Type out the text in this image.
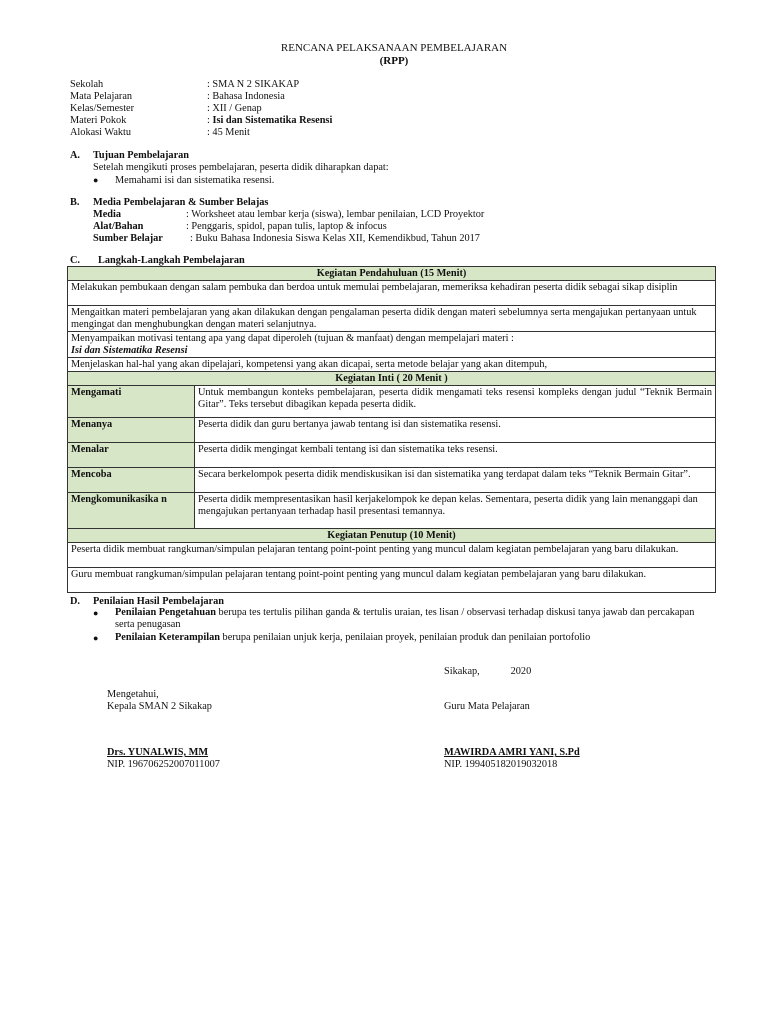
RENCANA PELAKSANAAN PEMBELAJARAN
(RPP)
Sekolah	: SMA N 2 SIKAKAP
Mata Pelajaran	: Bahasa Indonesia
Kelas/Semester	: XII / Genap
Materi Pokok	: Isi dan Sistematika Resensi
Alokasi Waktu	: 45 Menit
A. Tujuan Pembelajaran
Setelah mengikuti proses pembelajaran, peserta didik diharapkan dapat:
● Memahami isi dan sistematika resensi.
B. Media Pembelajaran & Sumber Belajas
Media	: Worksheet atau lembar kerja (siswa), lembar penilaian, LCD Proyektor
Alat/Bahan	: Penggaris, spidol, papan tulis, laptop & infocus
Sumber Belajar	: Buku Bahasa Indonesia Siswa Kelas XII, Kemendikbud, Tahun 2017
C. Langkah-Langkah Pembelajaran
Kegiatan Pendahuluan (15 Menit)	
Melakukan pembukaan dengan salam pembuka dan berdoa untuk memulai pembelajaran, memeriksa kehadiran peserta didik sebagai sikap disiplin	
Mengaitkan materi pembelajaran yang akan dilakukan dengan pengalaman peserta didik dengan materi sebelumnya serta mengajukan pertanyaan untuk mengingat dan menghubungkan dengan materi selanjutnya.	
Menyampaikan motivasi tentang apa yang dapat diperoleh (tujuan & manfaat) dengan mempelajari materi :
Isi dan Sistematika Resensi	
Menjelaskan hal-hal yang akan dipelajari, kompetensi yang akan dicapai, serta metode belajar yang akan ditempuh,	
Kegiatan Inti ( 20 Menit )	
Mengamati	Untuk membangun konteks pembelajaran, peserta didik mengamati teks resensi kompleks dengan judul “Teknik Bermain Gitar”. Teks tersebut dibagikan kepada peserta didik.
Menanya	Peserta didik dan guru bertanya jawab tentang isi dan sistematika resensi.
Menalar	Peserta didik mengingat kembali tentang isi dan sistematika teks resensi.
Mencoba	Secara berkelompok peserta didik mendiskusikan isi dan sistematika yang terdapat dalam teks “Teknik Bermain Gitar”.
Mengkomunikasika n	Peserta didik mempresentasikan hasil kerjakelompok ke depan kelas. Sementara, peserta didik yang lain menanggapi dan mengajukan pertanyaan terhadap hasil presentasi temannya.
Kegiatan Penutup (10 Menit)	
Peserta didik membuat rangkuman/simpulan pelajaran tentang point-point penting yang muncul dalam kegiatan pembelajaran yang baru dilakukan.	
Guru membuat rangkuman/simpulan pelajaran tentang point-point penting yang muncul dalam kegiatan pembelajaran yang baru dilakukan.	
D. Penilaian Hasil Pembelajaran
● Penilaian Pengetahuan berupa tes tertulis pilihan ganda & tertulis uraian, tes lisan / observasi terhadap diskusi tanya jawab dan percakapan serta penugasan
● Penilaian Keterampilan berupa penilaian unjuk kerja, penilaian proyek, penilaian produk dan penilaian portofolio
Sikakap,            2020
Mengetahui,
Kepala SMAN 2 Sikakap	Guru Mata Pelajaran
Drs. YUNALWIS, MM
NIP. 196706252007011007
MAWIRDA AMRI YANI, S.Pd
NIP. 199405182019032018
